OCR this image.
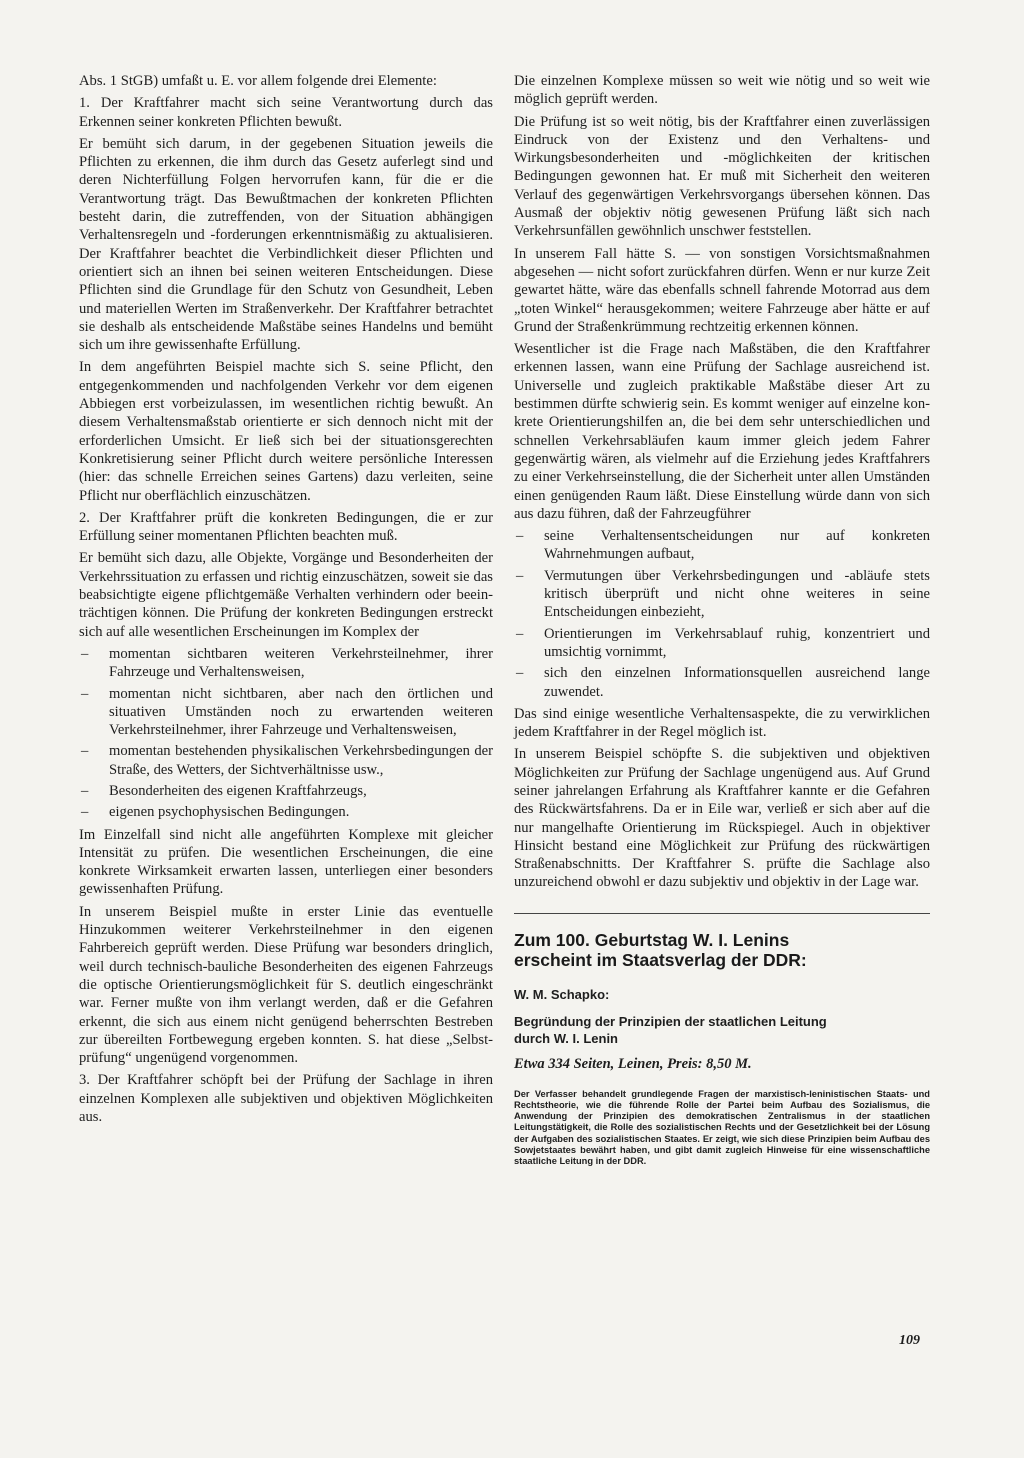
Abs. 1 StGB) umfaßt u. E. vor allem folgende drei Elemente:

1. Der Kraftfahrer macht sich seine Verantwortung durch das Erkennen seiner konkreten Pflichten bewußt.

Er bemüht sich darum, in der gegebenen Situation jeweils die Pflichten zu erkennen, die ihm durch das Gesetz auferlegt sind und deren Nichterfüllung Folgen hervorrufen kann, für die er die Verantwortung trägt. Das Bewußtmachen der konkreten Pflichten besteht darin, die zutreffenden, von der Situation abhängigen Verhaltensregeln und -forderungen erkenntnismäßig zu aktualisieren. Der Kraftfahrer beachtet die Verbindlichkeit dieser Pflichten und orientiert sich an ihnen bei seinen weiteren Entscheidungen. Diese Pflichten sind die Grundlage für den Schutz von Gesundheit, Leben und materiellen Werten im Straßenverkehr. Der Kraftfahrer betrachtet sie deshalb als entscheidende Maßstäbe seines Handelns und bemüht sich um ihre gewissenhafte Erfüllung.

In dem angeführten Beispiel machte sich S. seine Pflicht, den entgegenkommenden und nachfolgenden Verkehr vor dem eigenen Abbiegen erst vorbeizulassen, im wesentlichen richtig bewußt. An diesem Verhaltensmaßstab orientierte er sich dennoch nicht mit der erforderlichen Umsicht. Er ließ sich bei der situationsgerechten Konkretisierung seiner Pflicht durch weitere persönliche Interessen (hier: das schnelle Erreichen seines Gartens) dazu verleiten, seine Pflicht nur oberflächlich einzuschätzen.

2. Der Kraftfahrer prüft die konkreten Bedingungen, die er zur Erfüllung seiner momentanen Pflichten beachten muß.

Er bemüht sich dazu, alle Objekte, Vorgänge und Besonderheiten der Verkehrssituation zu erfassen und richtig einzuschätzen, soweit sie das beabsichtigte eigene pflichtgemäße Verhalten verhindern oder beeinträchtigen können. Die Prüfung der konkreten Bedingungen erstreckt sich auf alle wesentlichen Erscheinungen im Komplex der

– momentan sichtbaren weiteren Verkehrsteilnehmer, ihrer Fahrzeuge und Verhaltensweisen,
– momentan nicht sichtbaren, aber nach den örtlichen und situativen Umständen noch zu erwartenden weiteren Verkehrsteilnehmer, ihrer Fahrzeuge und Verhaltensweisen,
– momentan bestehenden physikalischen Verkehrsbedingungen der Straße, des Wetters, der Sichtverhältnisse usw.,
– Besonderheiten des eigenen Kraftfahrzeugs,
– eigenen psychophysischen Bedingungen.

Im Einzelfall sind nicht alle angeführten Komplexe mit gleicher Intensität zu prüfen. Die wesentlichen Erscheinungen, die eine konkrete Wirksamkeit erwarten lassen, unterliegen einer besonders gewissenhaften Prüfung.

In unserem Beispiel mußte in erster Linie das eventuelle Hinzukommen weiterer Verkehrsteilnehmer in den eigenen Fahrbereich geprüft werden. Diese Prüfung war besonders dringlich, weil durch technisch-bauliche Besonderheiten des eigenen Fahrzeugs die optische Orientierungsmöglichkeit für S. deutlich eingeschränkt war. Ferner mußte von ihm verlangt werden, daß er die Gefahren erkennt, die sich aus einem nicht genügend beherrschten Bestreben zur übereilten Fortbewegung ergeben konnten. S. hat diese „Selbstprüfung“ ungenügend vorgenommen.

3. Der Kraftfahrer schöpft bei der Prüfung der Sachlage in ihren einzelnen Komplexen alle subjektiven und objektiven Möglichkeiten aus.

Die einzelnen Komplexe müssen so weit wie nötig und so weit wie möglich geprüft werden.

Die Prüfung ist so weit nötig, bis der Kraftfahrer einen zuverlässigen Eindruck von der Existenz und den Verhaltens- und Wirkungsbesonderheiten und -möglichkeiten der kritischen Bedingungen gewonnen hat. Er muß mit Sicherheit den weiteren Verlauf des gegenwärtigen Verkehrsvorgangs übersehen können. Das Ausmaß der objektiv nötig gewesenen Prüfung läßt sich nach Verkehrsunfällen gewöhnlich unschwer feststellen.

In unserem Fall hätte S. — von sonstigen Vorsichtsmaßnahmen abgesehen — nicht sofort zurückfahren dürfen. Wenn er nur kurze Zeit gewartet hätte, wäre das ebenfalls schnell fahrende Motorrad aus dem „toten Winkel“ herausgekommen; weitere Fahrzeuge aber hätte er auf Grund der Straßenkrümmung rechtzeitig erkennen können.

Wesentlicher ist die Frage nach Maßstäben, die den Kraftfahrer erkennen lassen, wann eine Prüfung der Sachlage ausreichend ist. Universelle und zugleich praktikable Maßstäbe dieser Art zu bestimmen dürfte schwierig sein. Es kommt weniger auf einzelne konkrete Orientierungshilfen an, die bei dem sehr unterschiedlichen und schnellen Verkehrsabläufen kaum immer gleich jedem Fahrer gegenwärtig wären, als vielmehr auf die Erziehung jedes Kraftfahrers zu einer Verkehrseinstellung, die der Sicherheit unter allen Umständen einen genügenden Raum läßt. Diese Einstellung würde dann von sich aus dazu führen, daß der Fahrzeugführer

– seine Verhaltensentscheidungen nur auf konkreten Wahrnehmungen aufbaut,
– Vermutungen über Verkehrsbedingungen und -abläufe stets kritisch überprüft und nicht ohne weiteres in seine Entscheidungen einbezieht,
– Orientierungen im Verkehrsablauf ruhig, konzentriert und umsichtig vornimmt,
– sich den einzelnen Informationsquellen ausreichend lange zuwendet.

Das sind einige wesentliche Verhaltensaspekte, die zu verwirklichen jedem Kraftfahrer in der Regel möglich ist.

In unserem Beispiel schöpfte S. die subjektiven und objektiven Möglichkeiten zur Prüfung der Sachlage ungenügend aus. Auf Grund seiner jahrelangen Erfahrung als Kraftfahrer kannte er die Gefahren des Rückwärtsfahrens. Da er in Eile war, verließ er sich aber auf die nur mangelhafte Orientierung im Rückspiegel. Auch in objektiver Hinsicht bestand eine Möglichkeit zur Prüfung des rückwärtigen Straßenabschnitts. Der Kraftfahrer S. prüfte die Sachlage also unzureichend obwohl er dazu subjektiv und objektiv in der Lage war.

Zum 100. Geburtstag W. I. Lenins
erscheint im Staatsverlag der DDR:
W. M. Schapko:
Begründung der Prinzipien der staatlichen Leitung
durch W. I. Lenin
Etwa 334 Seiten, Leinen, Preis: 8,50 M.

Der Verfasser behandelt grundlegende Fragen der marxistisch-leninistischen Staats- und Rechtstheorie, wie die führende Rolle der Partei beim Aufbau des Sozialismus, die Anwendung der Prinzipien des demokratischen Zentralismus in der staatlichen Leitungstätigkeit, die Rolle des sozialistischen Rechts und der Gesetzlichkeit bei der Lösung der Aufgaben des sozialistischen Staates. Er zeigt, wie sich diese Prinzipien beim Aufbau des Sowjetstaates bewährt haben, und gibt damit zugleich Hinweise für eine wissenschaftliche staatliche Leitung in der DDR.

109
